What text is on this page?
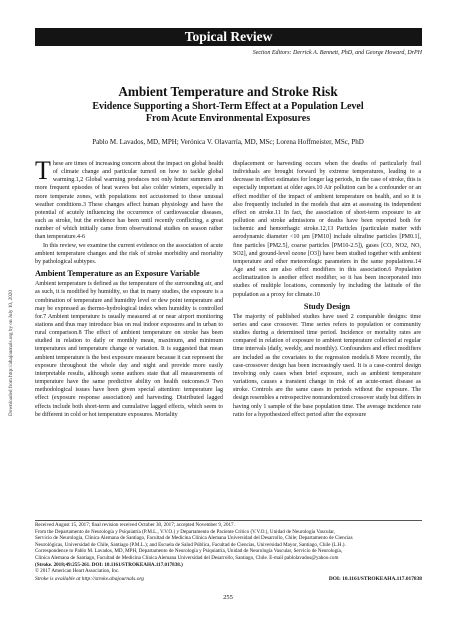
Topical Review
Section Editors: Derrick A. Bennett, PhD, and George Howard, DrPH
Ambient Temperature and Stroke Risk
Evidence Supporting a Short-Term Effect at a Population Level
From Acute Environmental Exposures
Pablo M. Lavados, MD, MPH; Verónica V. Olavarría, MD, MSc; Lorena Hoffmeister, MSc, PhD
Downloaded from http://ahajournals.org by on July 10, 2020

These are times of increasing concern about the impact on global health of climate change and particular turnoil on how to tackle global warming.1,2 Global warming produces not only hotter summers and more frequent episodes of heat waves but also colder winters, especially in more temperate zones, with populations not accustomed to these unusual weather conditions.3 These changes affect human physiology and have the potential of acutely influencing the occurrence of cardiovascular diseases, such as stroke, but the evidence has been until recently conflicting, a great number of which initially came from observational studies on season rather than temperature.4-6

In this review, we examine the current evidence on the association of acute ambient temperature changes and the risk of stroke morbidity and mortality by pathological subtypes.

Ambient Temperature as an Exposure Variable

Ambient temperature is defined as the temperature of the surrounding air, and as such, it is modified by humidity, so that in many studies, the exposure is a combination of temperature and humidity level or dew point temperature and may be expressed as thermo-hydrological index when humidity is controlled for.7 Ambient temperature is usually measured at or near airport monitoring stations and thus may introduce bias on real indoor exposures and in urban to rural comparison.8 The effect of ambient temperature on stroke has been studied in relation to daily or monthly mean, maximum, and minimum temperatures and temperature change or variation. It is suggested that mean ambient temperature is the best exposure measure because it can represent the exposure throughout the whole day and night and provide more easily interpretable results, although some authors state that all measurements of temperature have the same predictive ability on health outcomes.9 Two methodological issues have been given special attention: temperature lag effect (exposure response association) and harvesting. Distributed lagged effects include both short-term and cumulative lagged effects, which seem to be different in cold or hot temperature exposures. Mortality

displacement or harvesting occurs when the deaths of particularly frail individuals are brought forward by extreme temperatures, leading to a decrease in effect estimates for longer lag periods, in the case of stroke, this is especially important at older ages.10 Air pollution can be a confounder or an effect modifier of the impact of ambient temperature on health, and so it is also frequently included in the models that aim at assessing its independent effect on stroke.11 In fact, the association of short-term exposure to air pollution and stroke admissions or deaths have been reported both for ischemic and hemorrhagic stroke.12,13 Particles (particulate matter with aerodynamic diameter <10 μm [PM10] include ultrafine particles [PM0.1], fine particles [PM2.5], coarse particles [PM10-2.5]), gases [CO, NO2, NO, SO2], and ground-level ozone [O3]) have been studied together with ambient temperature and other meteorologic parameters in the same populations.14 Age and sex are also effect modifiers in this association.6 Population acclimatization is another effect modifier, so it has been incorporated into studies of multiple locations, commonly by including the latitude of the population as a proxy for climate.10

Study Design

The majority of published studies have used 2 comparable designs: time series and case crossover. Time series refers to population or community studies during a determined time period. Incidence or mortality rates are compared in relation of exposure to ambient temperature collected at regular time intervals (daily, weekly, and monthly). Confounders and effect modifiers are included as the covariates to the regression models.8 More recently, the case-crossover design has been increasingly used. It is a case-control design involving only cases when brief exposure, such as ambient temperature variations, causes a transient change in risk of an acute-onset disease as stroke. Controls are the same cases in periods without the exposure. The design resembles a retrospective nonrandomized crossover study but differs in having only 1 sample of the base population time. The average incidence rate ratio for a hypothesized effect period after the exposure

Received August 15, 2017; final revision received October 30, 2017; accepted November 9, 2017.
From the Departamento de Neurología y Psiquiatría (P.M.L., V.V.O.) y Departamento de Paciente Crítico (V.V.O.), Unidad de Neurología Vascular,
Servicio de Neurología, Clínica Alemana de Santiago, Facultad de Medicina Clínica Alemana Universidad del Desarrollo, Chile; Departamento de Ciencias
Neurológicas, Universidad de Chile, Santiago (P.M.L.); and Escuela de Salud Pública, Facultad de Ciencias, Universidad Mayor, Santiago, Chile (L.H.).
Correspondence to Pablo M. Lavados, MD, MPH, Departamento de Neurología y Psiquiatría, Unidad de Neurología Vascular, Servicio de Neurología,
Clínica Alemana de Santiago, Facultad de Medicina Clínica Alemana Universidad del Desarrollo, Santiago, Chile. E-mail pablolavados@yahoo.com
(Stroke. 2018;49:255-261. DOI: 10.1161/STROKEAHA.117.017838.)
© 2017 American Heart Association, Inc.
Stroke is available at http://stroke.ahajournals.org	DOI: 10.1161/STROKEAHA.117.017838
255
